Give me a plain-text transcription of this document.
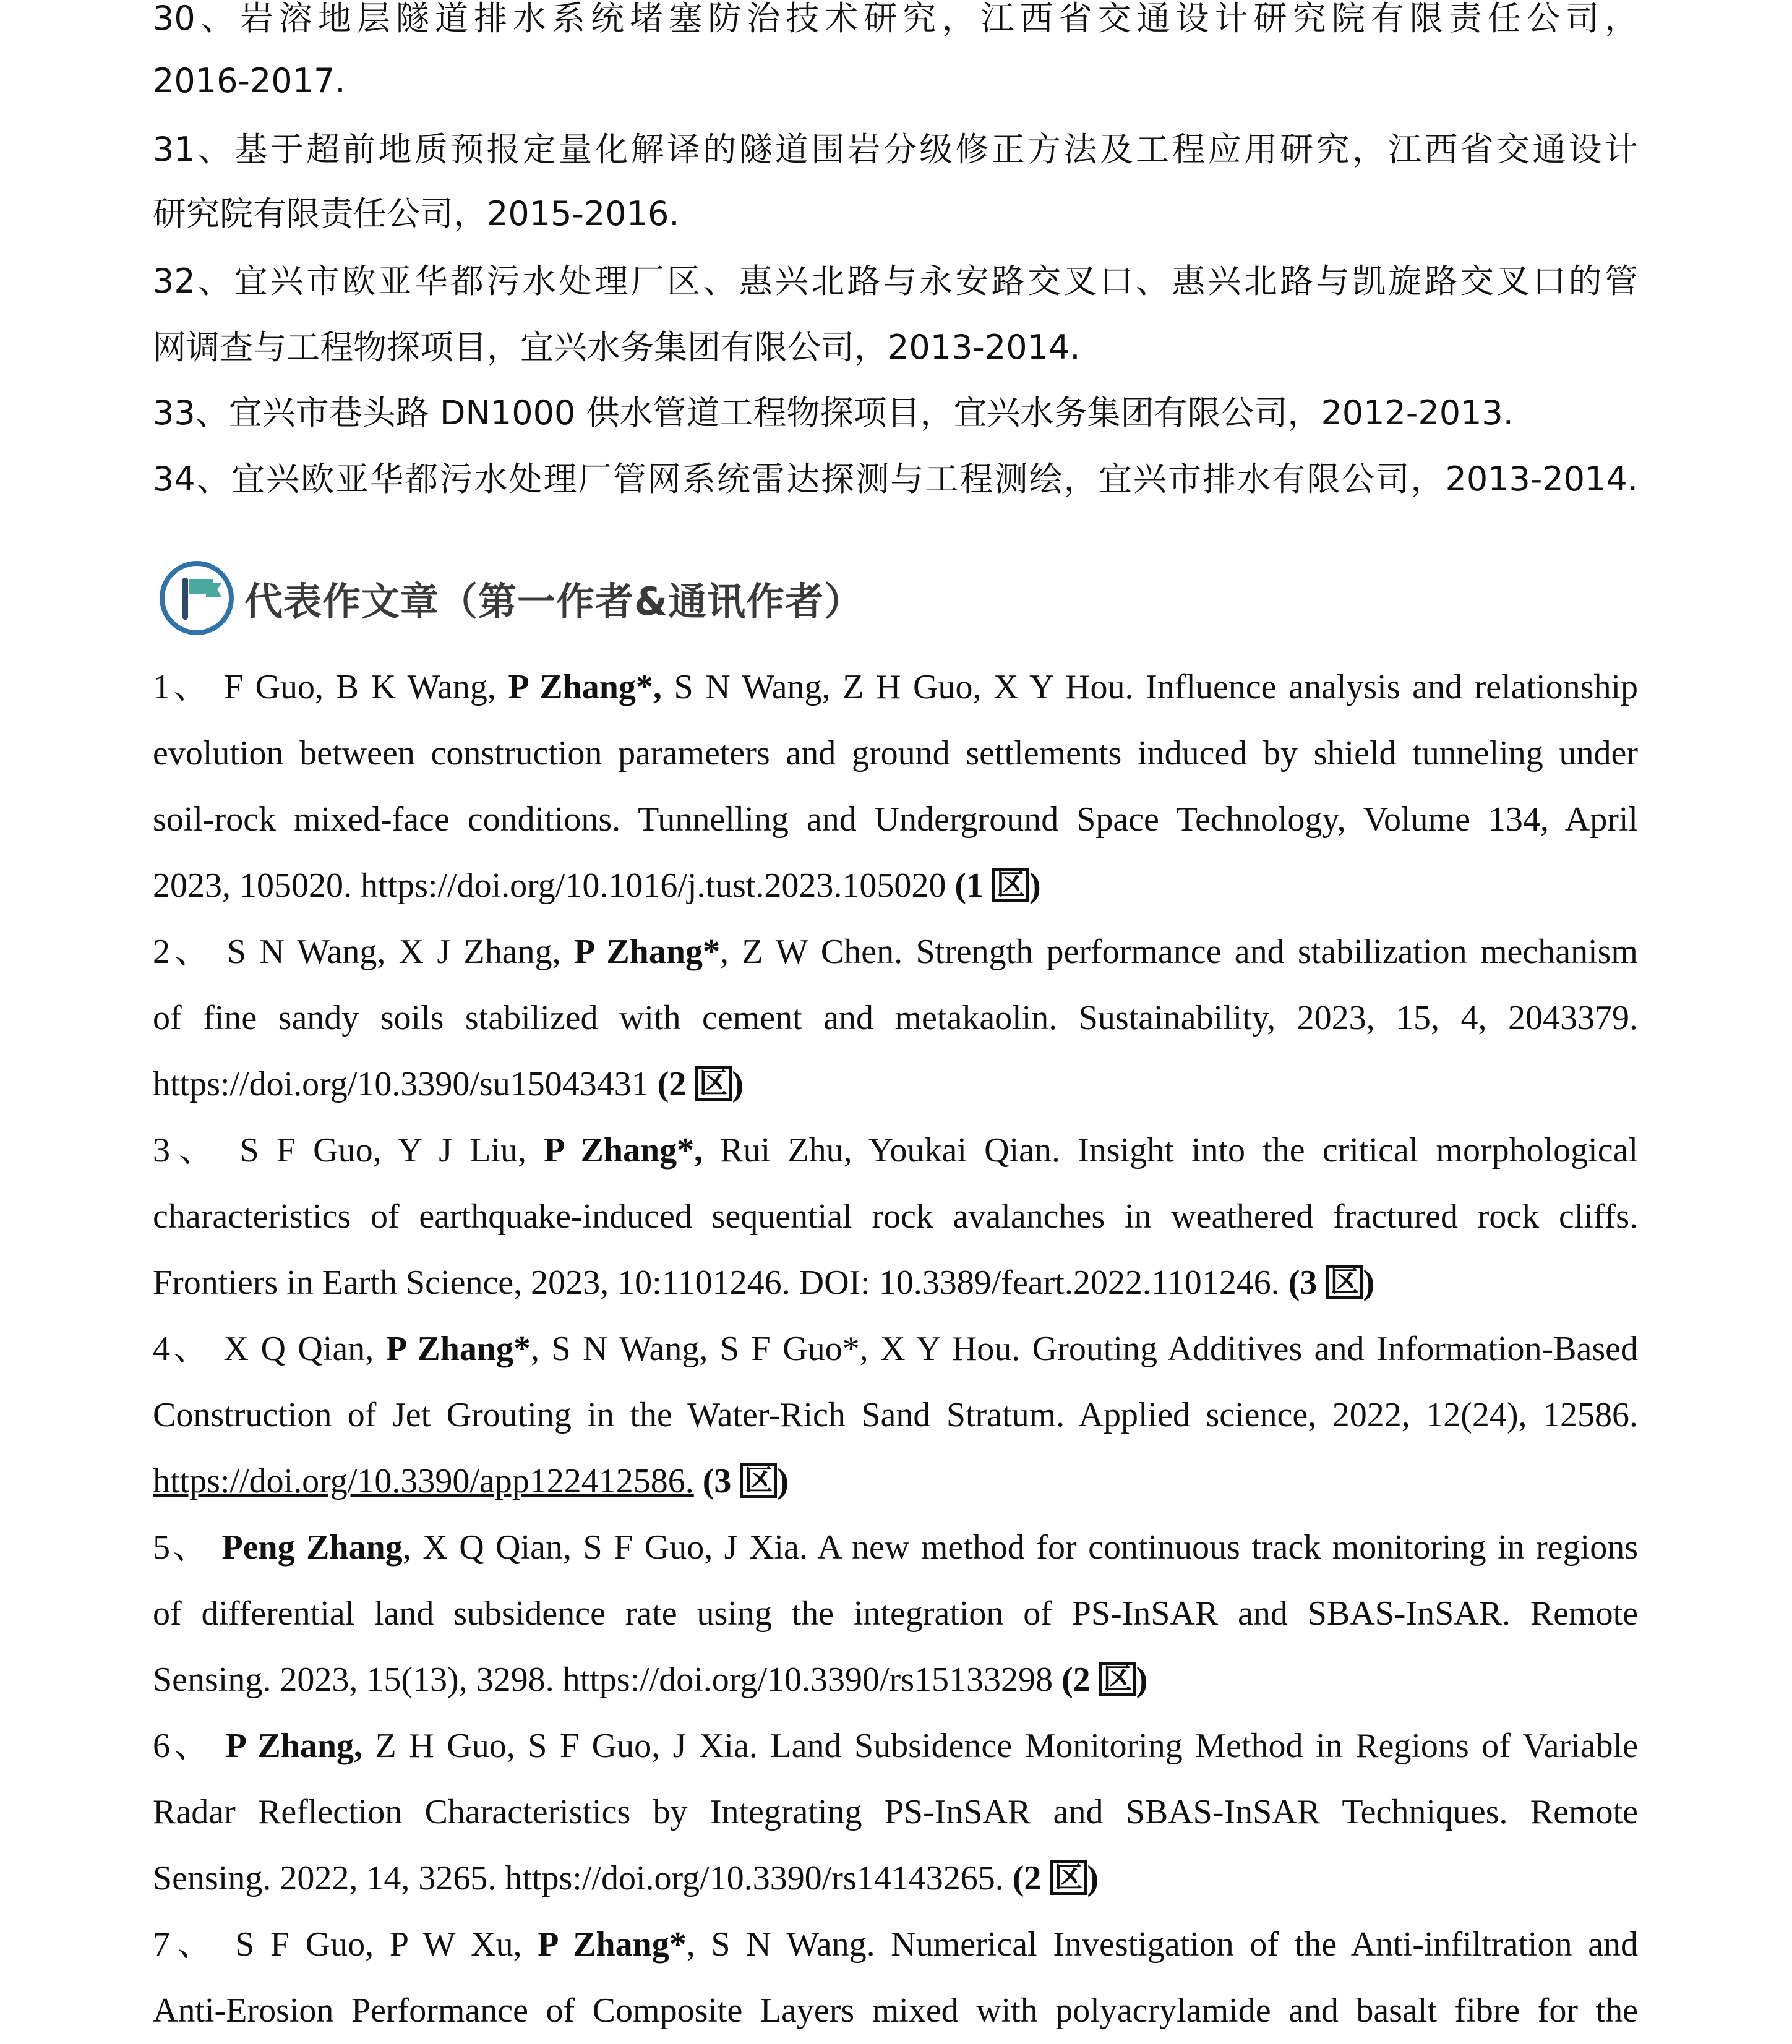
30、岩溶地层隧道排水系统堵塞防治技术研究，江西省交通设计研究院有限责任公司，
2016-2017.
31、基于超前地质预报定量化解译的隧道围岩分级修正方法及工程应用研究，江西省交通设计
研究院有限责任公司，2015-2016.
32、宜兴市欧亚华都污水处理厂区、惠兴北路与永安路交叉口、惠兴北路与凯旋路交叉口的管
网调查与工程物探项目，宜兴水务集团有限公司，2013-2014.
33、宜兴市巷头路 DN1000 供水管道工程物探项目，宜兴水务集团有限公司，2012-2013.
34、宜兴欧亚华都污水处理厂管网系统雷达探测与工程测绘，宜兴市排水有限公司，2013-2014.
代表作文章（第一作者&通讯作者）
1、 F Guo, B K Wang, P Zhang*, S N Wang, Z H Guo, X Y Hou. Influence analysis and relationship
evolution between construction parameters and ground settlements induced by shield tunneling under
soil-rock mixed-face conditions. Tunnelling and Underground Space Technology, Volume 134, April
2023, 105020. https://doi.org/10.1016/j.tust.2023.105020 (1 区 )
2、 S N Wang, X J Zhang, P Zhang*, Z W Chen. Strength performance and stabilization mechanism
of fine sandy soils stabilized with cement and metakaolin. Sustainability, 2023, 15, 4, 2043379.
https://doi.org/10.3390/su15043431 (2 区 )
3、 S F Guo, Y J Liu, P Zhang*, Rui Zhu, Youkai Qian. Insight into the critical morphological
characteristics of earthquake-induced sequential rock avalanches in weathered fractured rock cliffs.
Frontiers in Earth Science, 2023, 10:1101246. DOI: 10.3389/feart.2022.1101246. (3 区 )
4、 X Q Qian, P Zhang*, S N Wang, S F Guo*, X Y Hou. Grouting Additives and Information-Based
Construction of Jet Grouting in the Water-Rich Sand Stratum. Applied science, 2022, 12(24), 12586.
https://doi.org/10.3390/app122412586. (3 区 )
5、 Peng Zhang, X Q Qian, S F Guo, J Xia. A new method for continuous track monitoring in regions
of differential land subsidence rate using the integration of PS-InSAR and SBAS-InSAR. Remote
Sensing. 2023, 15(13), 3298. https://doi.org/10.3390/rs15133298 (2 区 )
6、 P Zhang, Z H Guo, S F Guo, J Xia. Land Subsidence Monitoring Method in Regions of Variable
Radar Reflection Characteristics by Integrating PS-InSAR and SBAS-InSAR Techniques. Remote
Sensing. 2022, 14, 3265. https://doi.org/10.3390/rs14143265. (2 区 )
7、 S F Guo, P W Xu, P Zhang*, S N Wang. Numerical Investigation of the Anti-infiltration and
Anti-Erosion Performance of Composite Layers mixed with polyacrylamide and basalt fibre for the
